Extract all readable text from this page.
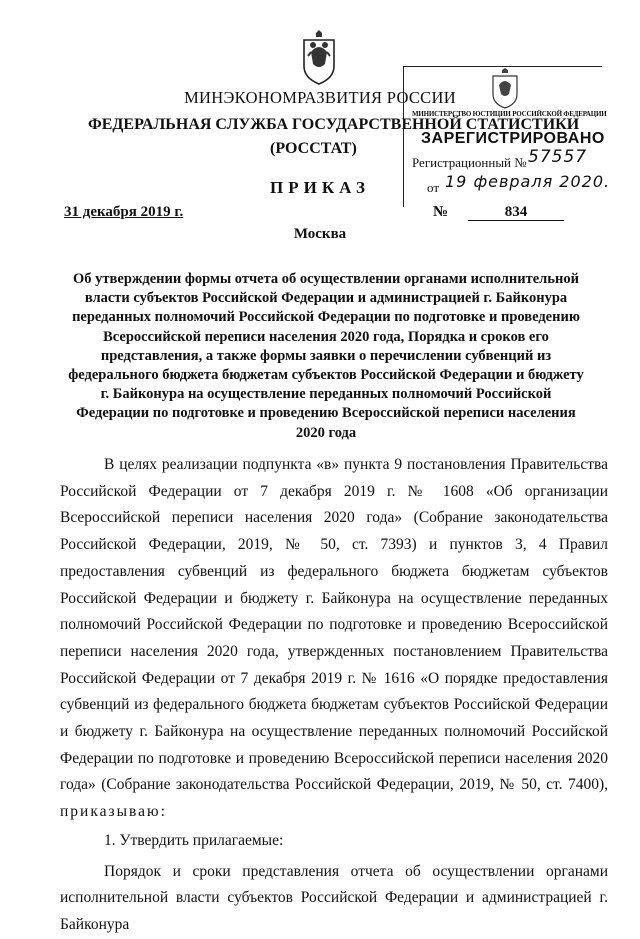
МИНЭКОНОМРАЗВИТИЯ РОССИИ
ФЕДЕРАЛЬНАЯ СЛУЖБА ГОСУДАРСТВЕННОЙ СТАТИСТИКИ
(РОССТАТ)
ПРИКАЗ
31 декабря 2019 г.	№	834
Москва
МИНИСТЕРСТВО ЮСТИЦИИ РОССИЙСКОЙ ФЕДЕРАЦИИ
ЗАРЕГИСТРИРОВАНО
Регистрационный № 57557
от 19 февраля 2020.
Об утверждении формы отчета об осуществлении органами исполнительной власти субъектов Российской Федерации и администрацией г. Байконура переданных полномочий Российской Федерации по подготовке и проведению Всероссийской переписи населения 2020 года, Порядка и сроков его представления, а также формы заявки о перечислении субвенций из федерального бюджета бюджетам субъектов Российской Федерации и бюджету г. Байконура на осуществление переданных полномочий Российской Федерации по подготовке и проведению Всероссийской переписи населения 2020 года

В целях реализации подпункта «в» пункта 9 постановления Правительства Российской Федерации от 7 декабря 2019 г. № 1608 «Об организации Всероссийской переписи населения 2020 года» (Собрание законодательства Российской Федерации, 2019, № 50, ст. 7393) и пунктов 3, 4 Правил предоставления субвенций из федерального бюджета бюджетам субъектов Российской Федерации и бюджету г. Байконура на осуществление переданных полномочий Российской Федерации по подготовке и проведению Всероссийской переписи населения 2020 года, утвержденных постановлением Правительства Российской Федерации от 7 декабря 2019 г. № 1616 «О порядке предоставления субвенций из федерального бюджета бюджетам субъектов Российской Федерации и бюджету г. Байконура на осуществление переданных полномочий Российской Федерации по подготовке и проведению Всероссийской переписи населения 2020 года» (Собрание законодательства Российской Федерации, 2019, № 50, ст. 7400), приказываю:

1. Утвердить прилагаемые:

Порядок и сроки представления отчета об осуществлении органами исполнительной власти субъектов Российской Федерации и администрацией г. Байконура
